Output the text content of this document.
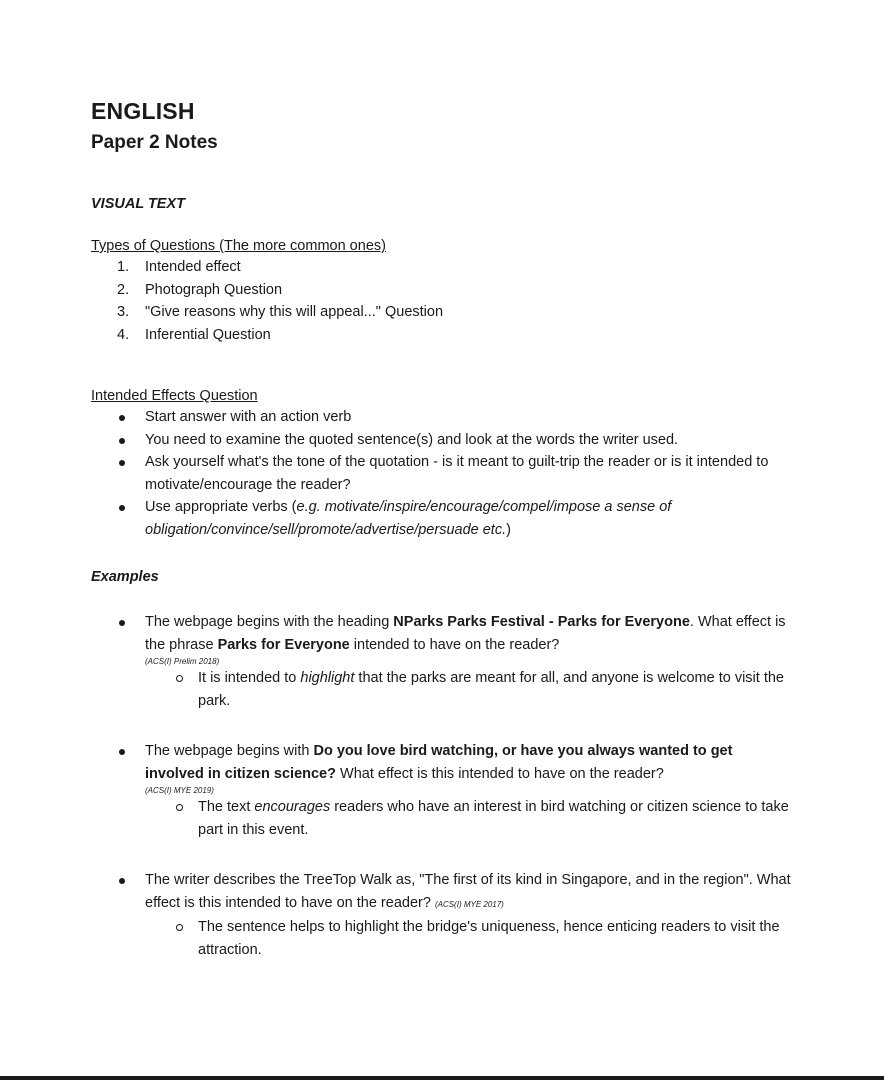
ENGLISH
Paper 2 Notes
VISUAL TEXT
Types of Questions (The more common ones)
1.	Intended effect
2.	Photograph Question
3.	"Give reasons why this will appeal..." Question
4.	Inferential Question
Intended Effects Question
Start answer with an action verb
You need to examine the quoted sentence(s) and look at the words the writer used.
Ask yourself what's the tone of the quotation - is it meant to guilt-trip the reader or is it intended to motivate/encourage the reader?
Use appropriate verbs (e.g. motivate/inspire/encourage/compel/impose a sense of obligation/convince/sell/promote/advertise/persuade etc.)
Examples
The webpage begins with the heading NParks Parks Festival - Parks for Everyone. What effect is the phrase Parks for Everyone intended to have on the reader?
(ACS(I) Prelim 2018)
It is intended to highlight that the parks are meant for all, and anyone is welcome to visit the park.
The webpage begins with Do you love bird watching, or have you always wanted to get involved in citizen science? What effect is this intended to have on the reader?
(ACS(I) MYE 2019)
The text encourages readers who have an interest in bird watching or citizen science to take part in this event.
The writer describes the TreeTop Walk as, "The first of its kind in Singapore, and in the region". What effect is this intended to have on the reader? (ACS(I) MYE 2017)
The sentence helps to highlight the bridge's uniqueness, hence enticing readers to visit the attraction.
